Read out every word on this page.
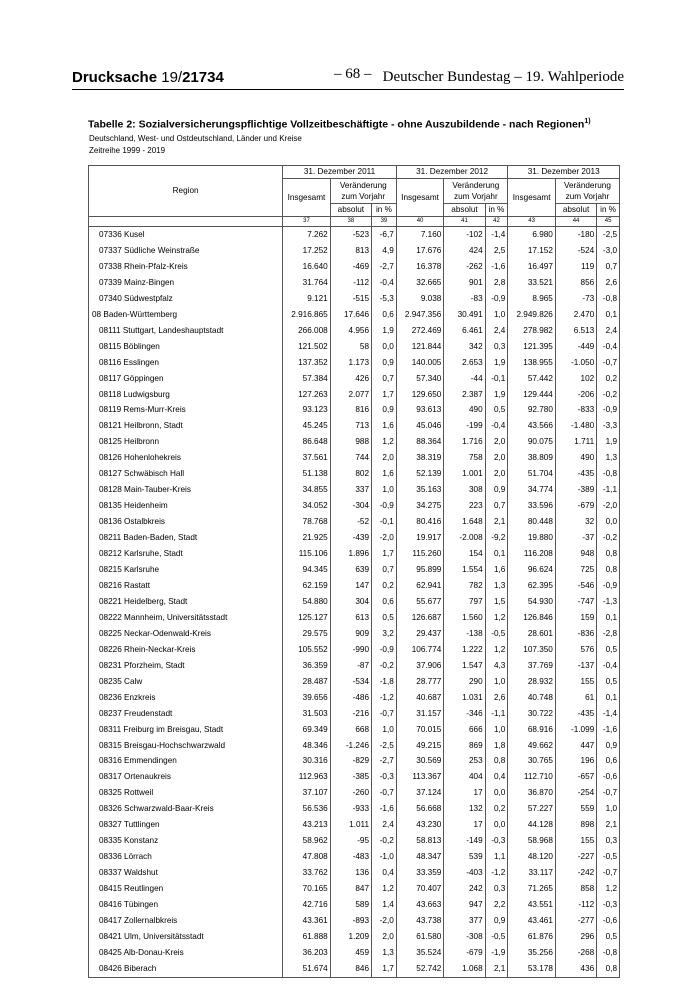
Drucksache 19/21734	– 68 – Deutscher Bundestag – 19. Wahlperiode
Tabelle 2: Sozialversicherungspflichtige Vollzeitbeschäftigte - ohne Auszubildende - nach Regionen$^{1)}$
Deutschland, West- und Ostdeutschland, Länder und Kreise
Zeitreihe 1999 - 2019
Region	31. Dezember 2011			31. Dezember 2012			31. Dezember 2013		
	Insgesamt	Veränderung zum Vorjahr		Insgesamt	Veränderung zum Vorjahr		Insgesamt	Veränderung zum Vorjahr	
		absolut	in %		absolut	in %		absolut	in %
	37	38	39	40	41	42	43	44	45
07336 Kusel	7.262	-523	-6,7	7.160	-102	-1,4	6.980	-180	-2,5
07337 Südliche Weinstraße	17.252	813	4,9	17.676	424	2,5	17.152	-524	-3,0
07338 Rhein-Pfalz-Kreis	16.640	-469	-2,7	16.378	-262	-1,6	16.497	119	0,7
07339 Mainz-Bingen	31.764	-112	-0,4	32.665	901	2,8	33.521	856	2,6
07340 Südwestpfalz	9.121	-515	-5,3	9.038	-83	-0,9	8.965	-73	-0,8
08 Baden-Württemberg	2.916.865	17.646	0,6	2.947.356	30.491	1,0	2.949.826	2.470	0,1
08111 Stuttgart, Landeshauptstadt	266.008	4.956	1,9	272.469	6.461	2,4	278.982	6.513	2,4
08115 Böblingen	121.502	58	0,0	121.844	342	0,3	121.395	-449	-0,4
08116 Esslingen	137.352	1.173	0,9	140.005	2.653	1,9	138.955	-1.050	-0,7
08117 Göppingen	57.384	426	0,7	57.340	-44	-0,1	57.442	102	0,2
08118 Ludwigsburg	127.263	2.077	1,7	129.650	2.387	1,9	129.444	-206	-0,2
08119 Rems-Murr-Kreis	93.123	816	0,9	93.613	490	0,5	92.780	-833	-0,9
08121 Heilbronn, Stadt	45.245	713	1,6	45.046	-199	-0,4	43.566	-1.480	-3,3
08125 Heilbronn	86.648	988	1,2	88.364	1.716	2,0	90.075	1.711	1,9
08126 Hohenlohekreis	37.561	744	2,0	38.319	758	2,0	38.809	490	1,3
08127 Schwäbisch Hall	51.138	802	1,6	52.139	1.001	2,0	51.704	-435	-0,8
08128 Main-Tauber-Kreis	34.855	337	1,0	35.163	308	0,9	34.774	-389	-1,1
08135 Heidenheim	34.052	-304	-0,9	34.275	223	0,7	33.596	-679	-2,0
08136 Ostalbkreis	78.768	-52	-0,1	80.416	1.648	2,1	80.448	32	0,0
08211 Baden-Baden, Stadt	21.925	-439	-2,0	19.917	-2.008	-9,2	19.880	-37	-0,2
08212 Karlsruhe, Stadt	115.106	1.896	1,7	115.260	154	0,1	116.208	948	0,8
08215 Karlsruhe	94.345	639	0,7	95.899	1.554	1,6	96.624	725	0,8
08216 Rastatt	62.159	147	0,2	62.941	782	1,3	62.395	-546	-0,9
08221 Heidelberg, Stadt	54.880	304	0,6	55.677	797	1,5	54.930	-747	-1,3
08222 Mannheim, Universitätsstadt	125.127	613	0,5	126.687	1.560	1,2	126.846	159	0,1
08225 Neckar-Odenwald-Kreis	29.575	909	3,2	29.437	-138	-0,5	28.601	-836	-2,8
08226 Rhein-Neckar-Kreis	105.552	-990	-0,9	106.774	1.222	1,2	107.350	576	0,5
08231 Pforzheim, Stadt	36.359	-87	-0,2	37.906	1.547	4,3	37.769	-137	-0,4
08235 Calw	28.487	-534	-1,8	28.777	290	1,0	28.932	155	0,5
08236 Enzkreis	39.656	-486	-1,2	40.687	1.031	2,6	40.748	61	0,1
08237 Freudenstadt	31.503	-216	-0,7	31.157	-346	-1,1	30.722	-435	-1,4
08311 Freiburg im Breisgau, Stadt	69.349	668	1,0	70.015	666	1,0	68.916	-1.099	-1,6
08315 Breisgau-Hochschwarzwald	48.346	-1.246	-2,5	49.215	869	1,8	49.662	447	0,9
08316 Emmendingen	30.316	-829	-2,7	30.569	253	0,8	30.765	196	0,6
08317 Ortenaukreis	112.963	-385	-0,3	113.367	404	0,4	112.710	-657	-0,6
08325 Rottweil	37.107	-260	-0,7	37.124	17	0,0	36.870	-254	-0,7
08326 Schwarzwald-Baar-Kreis	56.536	-933	-1,6	56.668	132	0,2	57.227	559	1,0
08327 Tuttlingen	43.213	1.011	2,4	43.230	17	0,0	44.128	898	2,1
08335 Konstanz	58.962	-95	-0,2	58.813	-149	-0,3	58.968	155	0,3
08336 Lörrach	47.808	-483	-1,0	48.347	539	1,1	48.120	-227	-0,5
08337 Waldshut	33.762	136	0,4	33.359	-403	-1,2	33.117	-242	-0,7
08415 Reutlingen	70.165	847	1,2	70.407	242	0,3	71.265	858	1,2
08416 Tübingen	42.716	589	1,4	43.663	947	2,2	43.551	-112	-0,3
08417 Zollernalbkreis	43.361	-893	-2,0	43.738	377	0,9	43.461	-277	-0,6
08421 Ulm, Universitätsstadt	61.888	1.209	2,0	61.580	-308	-0,5	61.876	296	0,5
08425 Alb-Donau-Kreis	36.203	459	1,3	35.524	-679	-1,9	35.256	-268	-0,8
08426 Biberach	51.674	846	1,7	52.742	1.068	2,1	53.178	436	0,8
